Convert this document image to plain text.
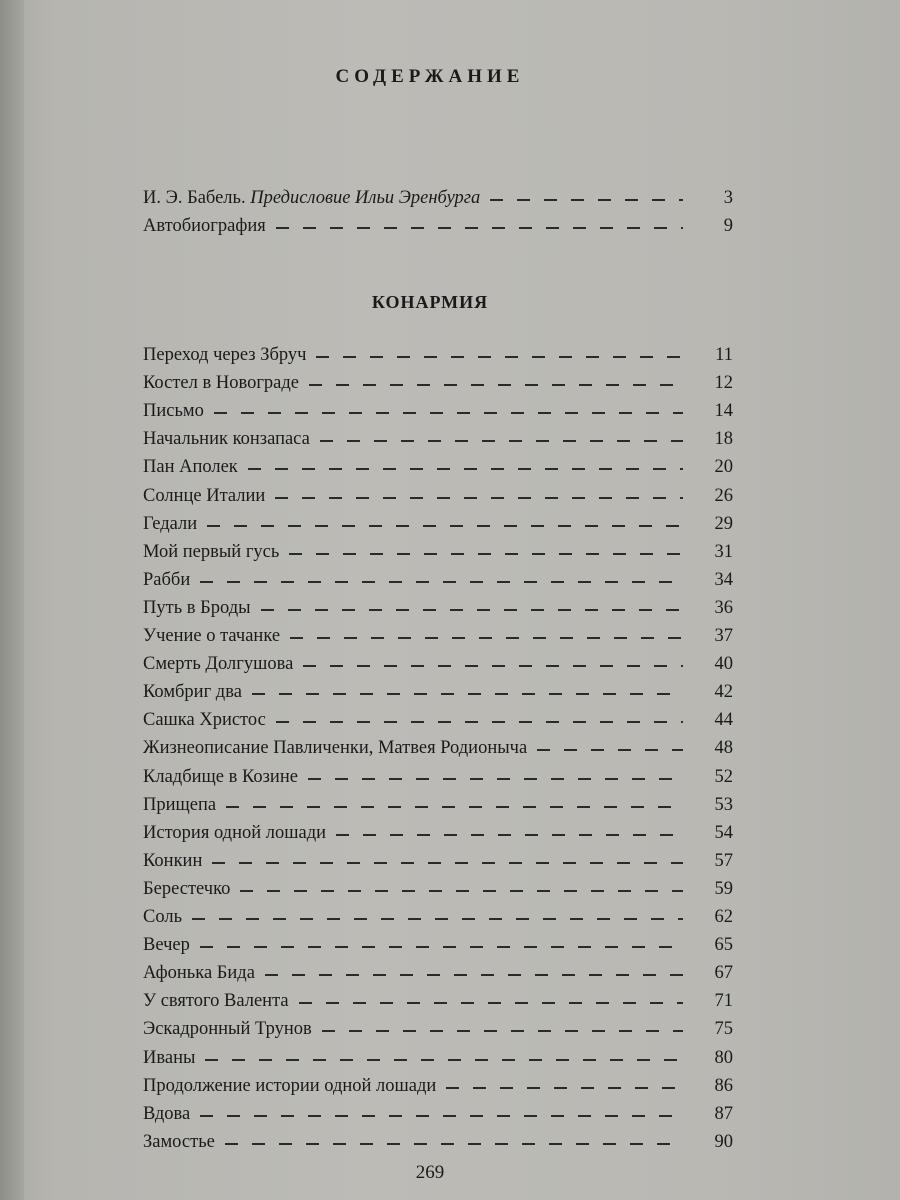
СОДЕРЖАНИЕ
И. Э. Бабель. Предисловие Ильи Эренбурга	3
Автобиография	9
КОНАРМИЯ
Переход через Збруч	11
Костел в Новограде	12
Письмо	14
Начальник конзапаса	18
Пан Аполек	20
Солнце Италии	26
Гедали	29
Мой первый гусь	31
Рабби	34
Путь в Броды	36
Учение о тачанке	37
Смерть Долгушова	40
Комбриг два	42
Сашка Христос	44
Жизнеописание Павличенки, Матвея Родионыча	48
Кладбище в Козине	52
Прищепа	53
История одной лошади	54
Конкин	57
Берестечко	59
Соль	62
Вечер	65
Афонька Бида	67
У святого Валента	71
Эскадронный Трунов	75
Иваны	80
Продолжение истории одной лошади	86
Вдова	87
Замостье	90
269
